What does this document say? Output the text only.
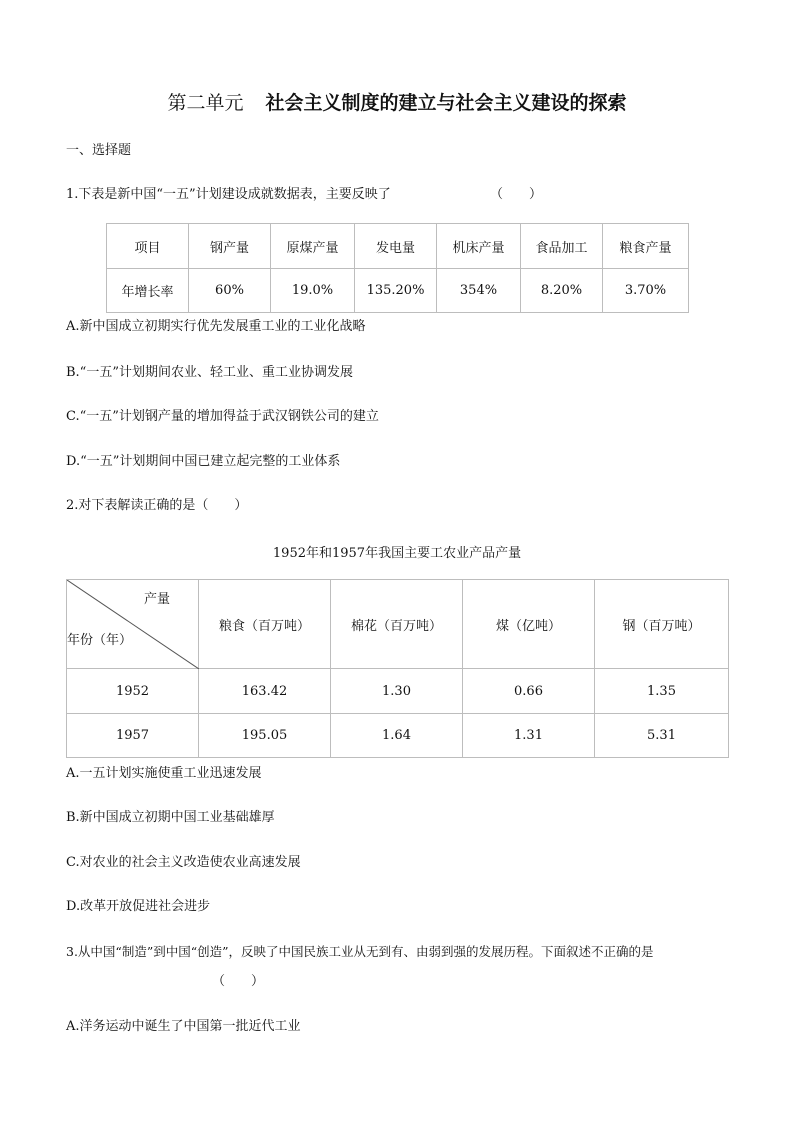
第二单元 社会主义制度的建立与社会主义建设的探索
一、选择题
1.下表是新中国“一五”计划建设成就数据表，主要反映了	（　　）
项目	钢产量	原煤产量	发电量	机床产量	食品加工	粮食产量
年增长率	60%	19.0%	135.20%	354%	8.20%	3.70%
A.新中国成立初期实行优先发展重工业的工业化战略
B.“一五”计划期间农业、轻工业、重工业协调发展
C.“一五”计划钢产量的增加得益于武汉钢铁公司的建立
D.“一五”计划期间中国已建立起完整的工业体系
2.对下表解读正确的是（　　）
1952年和1957年我国主要工农业产品产量
产量
年份（年）	粮食（百万吨）	棉花（百万吨）	煤（亿吨）	钢（百万吨）
1952	163.42	1.30	0.66	1.35
1957	195.05	1.64	1.31	5.31
A.一五计划实施使重工业迅速发展
B.新中国成立初期中国工业基础雄厚
C.对农业的社会主义改造使农业高速发展
D.改革开放促进社会进步
3.从中国“制造”到中国“创造”，反映了中国民族工业从无到有、由弱到强的发展历程。下面叙述不正确的是
（　　）
A.洋务运动中诞生了中国第一批近代工业
